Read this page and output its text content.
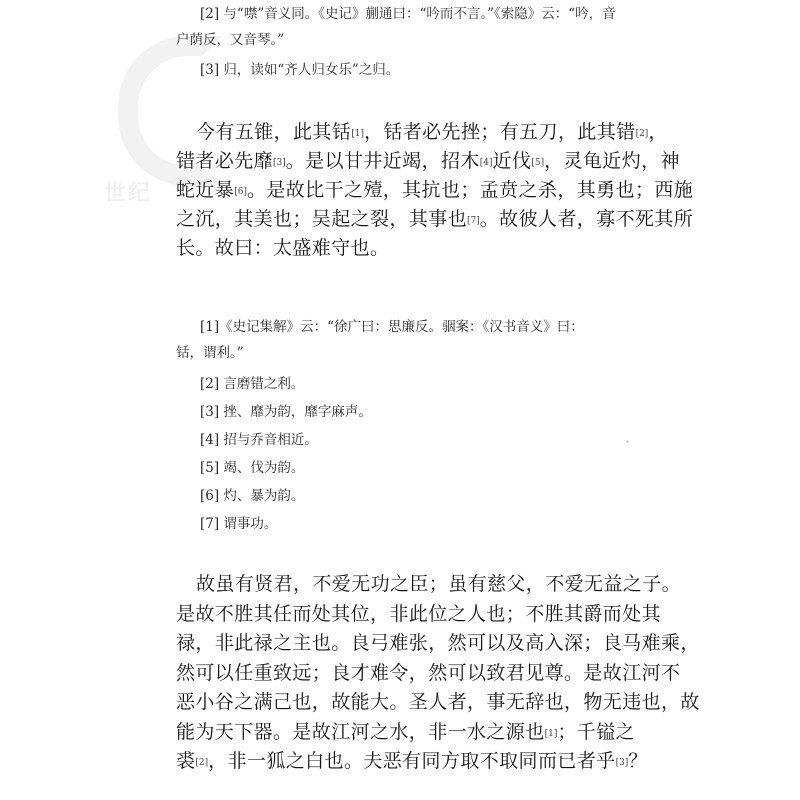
世纪
[2] 与“噤”音义同。《史记》蒯通曰：“吟而不言。”《索隐》云：“吟，音
户荫反，又音琴。”
[3] 归，读如“齐人归女乐”之归。
今有五锥，此其铦[1]，铦者必先挫；有五刀，此其错[2]，
错者必先靡[3]。是以甘井近竭，招木[4]近伐[5]，灵龟近灼，神
蛇近暴[6]。是故比干之殪，其抗也；孟贲之杀，其勇也；西施
之沉，其美也；吴起之裂，其事也[7]。故彼人者，寡不死其所
长。故曰：太盛难守也。
[1]《史记集解》云：“徐广曰：思廉反。骃案：《汉书音义》曰：
铦，谓利。”
[2] 言磨错之利。
[3] 挫、靡为韵，靡字麻声。
[4] 招与乔音相近。
[5] 竭、伐为韵。
[6] 灼、暴为韵。
[7] 谓事功。
故虽有贤君，不爱无功之臣；虽有慈父，不爱无益之子。
是故不胜其任而处其位，非此位之人也；不胜其爵而处其
禄，非此禄之主也。良弓难张，然可以及高入深；良马难乘，
然可以任重致远；良才难令，然可以致君见尊。是故江河不
恶小谷之满己也，故能大。圣人者，事无辞也，物无违也，故
能为天下器。是故江河之水，非一水之源也[1]；千镒之
裘[2]，非一狐之白也。夫恶有同方取不取同而已者乎[3]？
